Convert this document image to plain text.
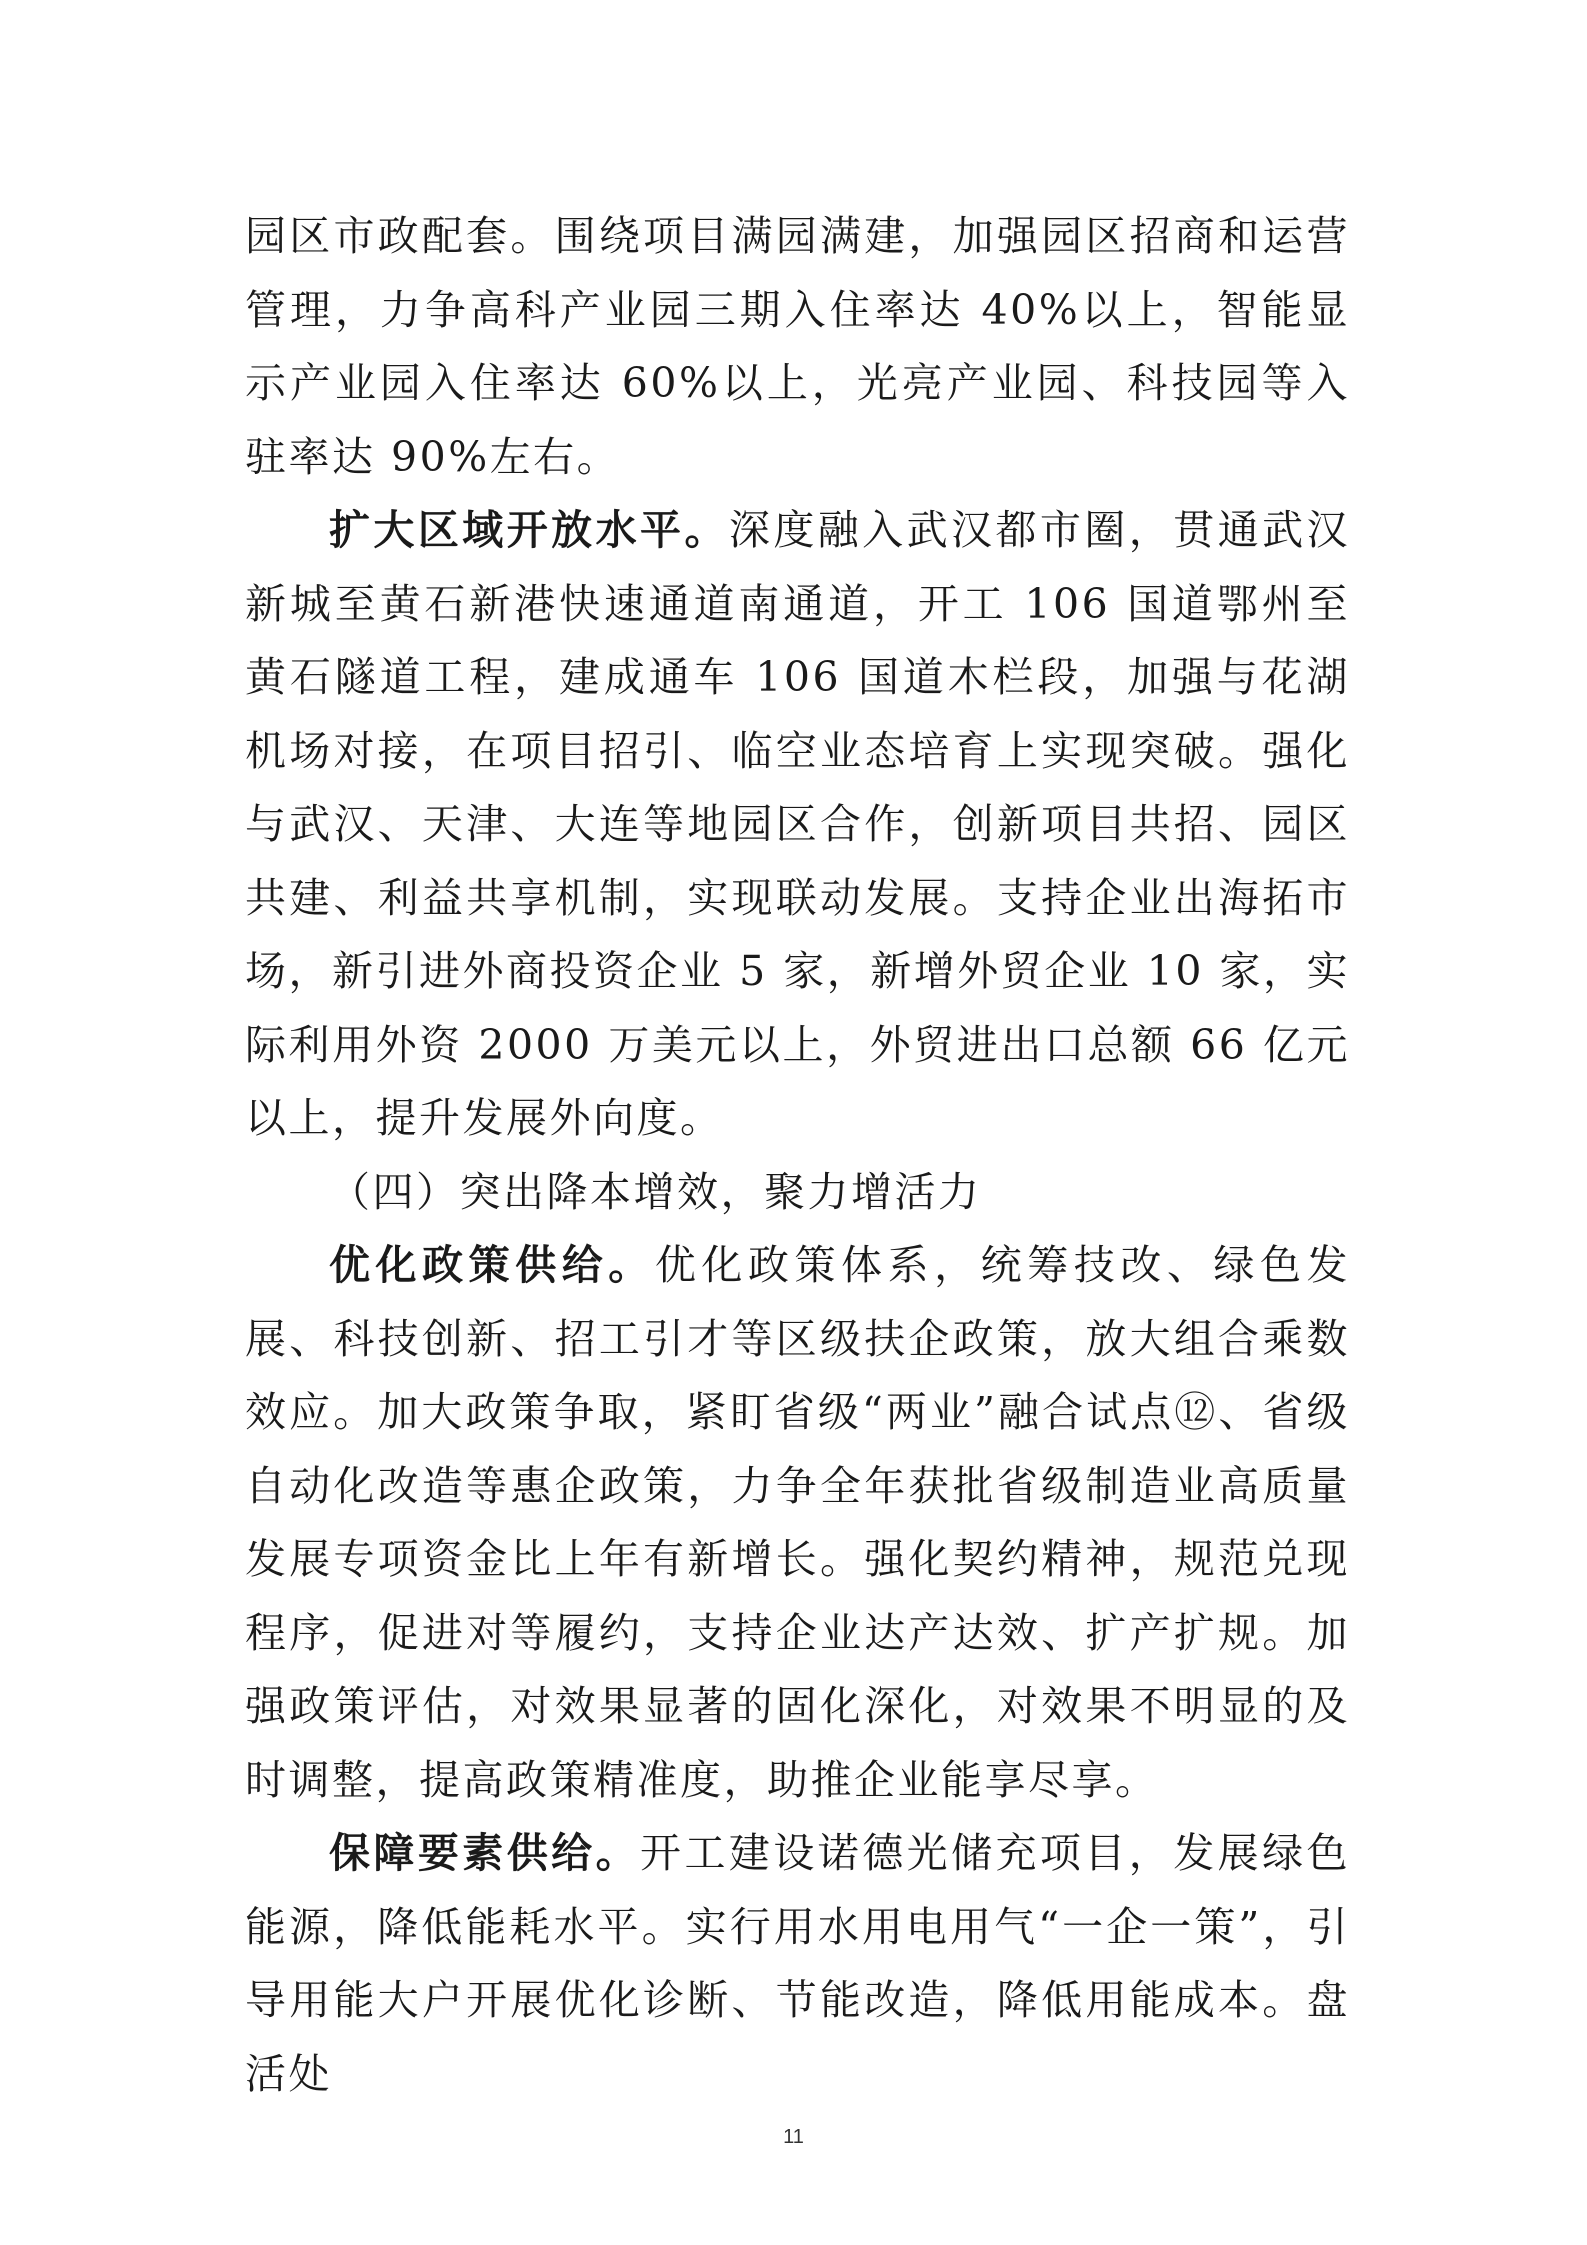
园区市政配套。围绕项目满园满建，加强园区招商和运营管理，力争高科产业园三期入住率达 40%以上，智能显示产业园入住率达 60%以上，光亮产业园、科技园等入驻率达 90%左右。

扩大区域开放水平。深度融入武汉都市圈，贯通武汉新城至黄石新港快速通道南通道，开工 106 国道鄂州至黄石隧道工程，建成通车 106 国道木栏段，加强与花湖机场对接，在项目招引、临空业态培育上实现突破。强化与武汉、天津、大连等地园区合作，创新项目共招、园区共建、利益共享机制，实现联动发展。支持企业出海拓市场，新引进外商投资企业 5 家，新增外贸企业 10 家，实际利用外资 2000 万美元以上，外贸进出口总额 66 亿元以上，提升发展外向度。

（四）突出降本增效，聚力增活力

优化政策供给。优化政策体系，统筹技改、绿色发展、科技创新、招工引才等区级扶企政策，放大组合乘数效应。加大政策争取，紧盯省级“两业”融合试点⑫、省级自动化改造等惠企政策，力争全年获批省级制造业高质量发展专项资金比上年有新增长。强化契约精神，规范兑现程序，促进对等履约，支持企业达产达效、扩产扩规。加强政策评估，对效果显著的固化深化，对效果不明显的及时调整，提高政策精准度，助推企业能享尽享。

保障要素供给。开工建设诺德光储充项目，发展绿色能源，降低能耗水平。实行用水用电用气“一企一策”，引导用能大户开展优化诊断、节能改造，降低用能成本。盘活处

11
